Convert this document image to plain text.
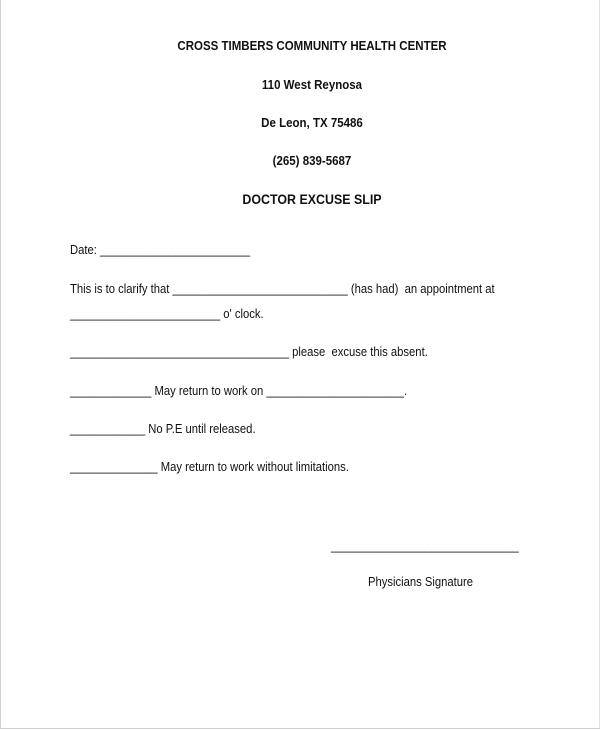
CROSS TIMBERS COMMUNITY HEALTH CENTER
110 West Reynosa
De Leon, TX 75486
(265) 839-5687
DOCTOR EXCUSE SLIP
Date: ________________________
This is to clarify that ____________________________ (has had)  an appointment at
________________________ o' clock.
___________________________________ please  excuse this absent.
_____________ May return to work on ______________________.
____________ No P.E until released.
______________ May return to work without limitations.
______________________________
Physicians Signature
